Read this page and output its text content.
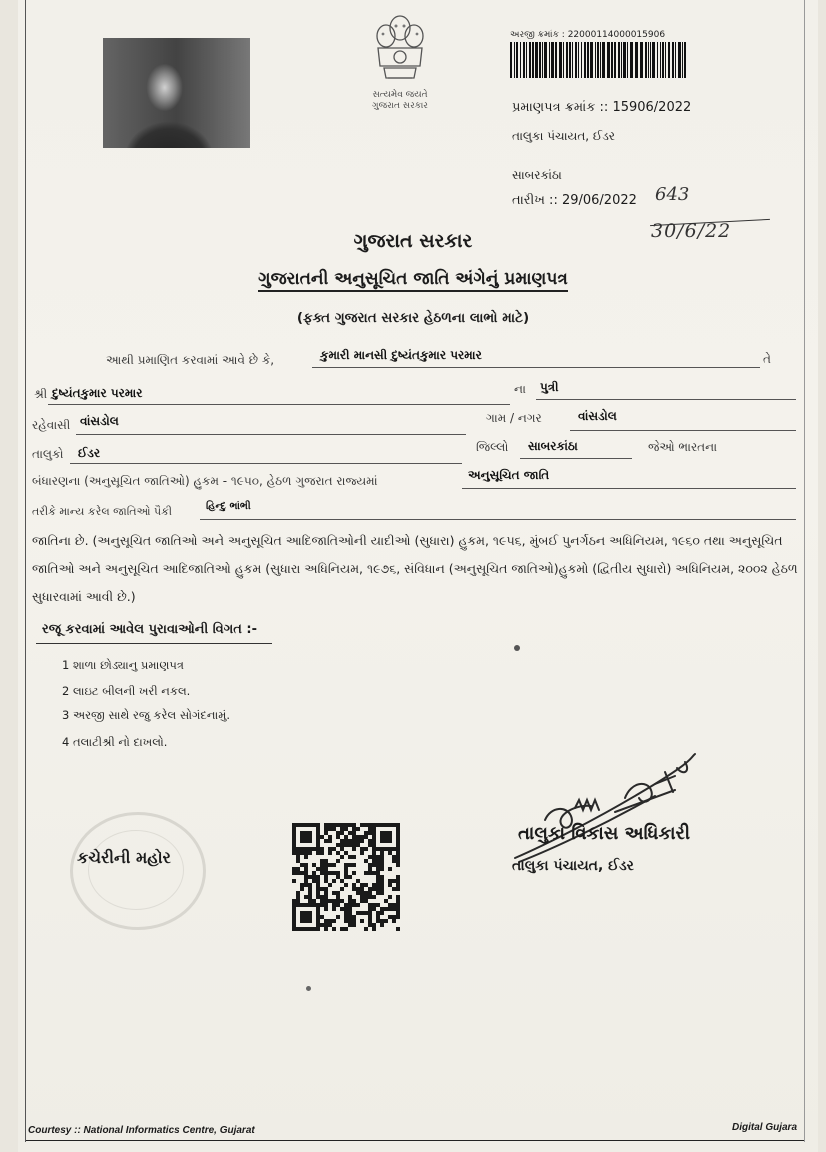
સત્યમેવ જયતે
ગુજરાત સરકાર
અરજી ક્રમાંક : 22000114000015906
પ્રમાણપત્ર ક્રમાંક :: 15906/2022
તાલુકા પંચાયત, ઈડર
સાબરકાંઠા
તારીખ :: 29/06/2022 643
30/6/22
ગુજરાત સરકાર
ગુજરાતની અનુસૂચિત જાતિ અંગેનું પ્રમાણપત્ર
(ફક્ત ગુજરાત સરકાર હેઠળના લાભો માટે)
આથી પ્રમાણિત કરવામાં આવે છે કે,	કુમારી માનસી દુષ્યંતકુમાર પરમાર	તે
શ્રી દુષ્યંતકુમાર પરમાર	ના પુત્રી
રહેવાસી વાંસડોલ	ગામ / નગર	વાંસડોલ
તાલુકો ઈડર	જિલ્લો સાબરકાંઠા	જેઓ ભારતના
બંધારણના (અનુસૂચિત જાતિઓ) હુકમ - ૧૯૫૦, હેઠળ ગુજરાત રાજ્યમાં	અનુસૂચિત જાતિ
તરીકે માન્ય કરેલ જાતિઓ પૈકી	હિન્દુ ભાંભી
જાતિના છે. (અનુસૂચિત જાતિઓ અને અનુસૂચિત આદિજાતિઓની યાદીઓ (સુધારા) હુકમ, ૧૯૫૬, મુંબઈ પુનર્ગઠન અધિનિયમ, ૧૯૬૦ તથા અનુસૂચિત જાતિઓ અને અનુસૂચિત આદિજાતિઓ હુકમ (સુધારા અધિનિયમ, ૧૯૭૬, સંવિધાન (અનુસૂચિત જાતિઓ)હુકમો (દ્વિતીય સુધારો) અધિનિયમ, ૨૦૦૨ હેઠળ સુધારવામાં આવી છે.)
રજૂ કરવામાં આવેલ પુરાવાઓની વિગત :-
1 શાળા છોડ્યાનુ પ્રમાણપત્ર
2 લાઇટ બીલની ખરી નકલ.
3 અરજી સાથે રજુ કરેલ સોગંદનામું.
4 તલાટીશ્રી નો દાખલો.
કચેરીની મહોર
તાલુકા વિકાસ અધિકારી
તાલુકા પંચાયત, ઈડર
Courtesy :: National Informatics Centre, Gujarat	Digital Gujara
